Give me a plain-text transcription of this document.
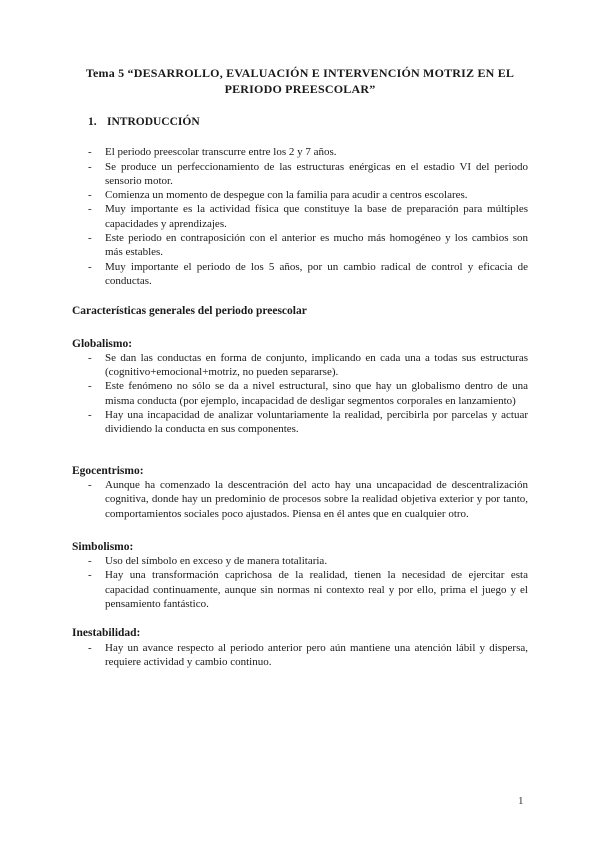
Tema 5 “DESARROLLO, EVALUACIÓN E INTERVENCIÓN MOTRIZ EN EL PERIODO PREESCOLAR”
1. INTRODUCCIÓN
-	El periodo preescolar transcurre entre los 2 y 7 años.
-	Se produce un perfeccionamiento de las estructuras enérgicas en el estadio VI del periodo sensorio motor.
-	Comienza un momento de despegue con la familia para acudir a centros escolares.
-	Muy importante es la actividad física que constituye la base de preparación para múltiples capacidades y aprendizajes.
-	Este periodo en contraposición con el anterior es mucho más homogéneo y los cambios son más estables.
-	Muy importante el periodo de los 5 años, por un cambio radical de control y eficacia de conductas.
Características generales del periodo preescolar
Globalismo:
-	Se dan las conductas en forma de conjunto, implicando en cada una a todas sus estructuras (cognitivo+emocional+motriz, no pueden separarse).
-	Este fenómeno no sólo se da a nivel estructural, sino que hay un globalismo dentro de una misma conducta (por ejemplo, incapacidad de desligar segmentos corporales en lanzamiento)
-	Hay una incapacidad de analizar voluntariamente la realidad, percibirla por parcelas y actuar dividiendo la conducta en sus componentes.
Egocentrismo:
-	Aunque ha comenzado la descentración del acto hay una uncapacidad de descentralización cognitiva, donde hay un predominio de procesos sobre la realidad objetiva exterior y por tanto, comportamientos sociales poco ajustados. Piensa en él antes que en cualquier otro.
Simbolismo:
-	Uso del símbolo en exceso y de manera totalitaria.
-	Hay una transformación caprichosa de la realidad, tienen la necesidad de ejercitar esta capacidad continuamente, aunque sin normas ni contexto real y por ello, prima el juego y el pensamiento fantástico.
Inestabilidad:
-	Hay un avance respecto al periodo anterior pero aún mantiene una atención lábil y dispersa, requiere actividad y cambio continuo.
1
